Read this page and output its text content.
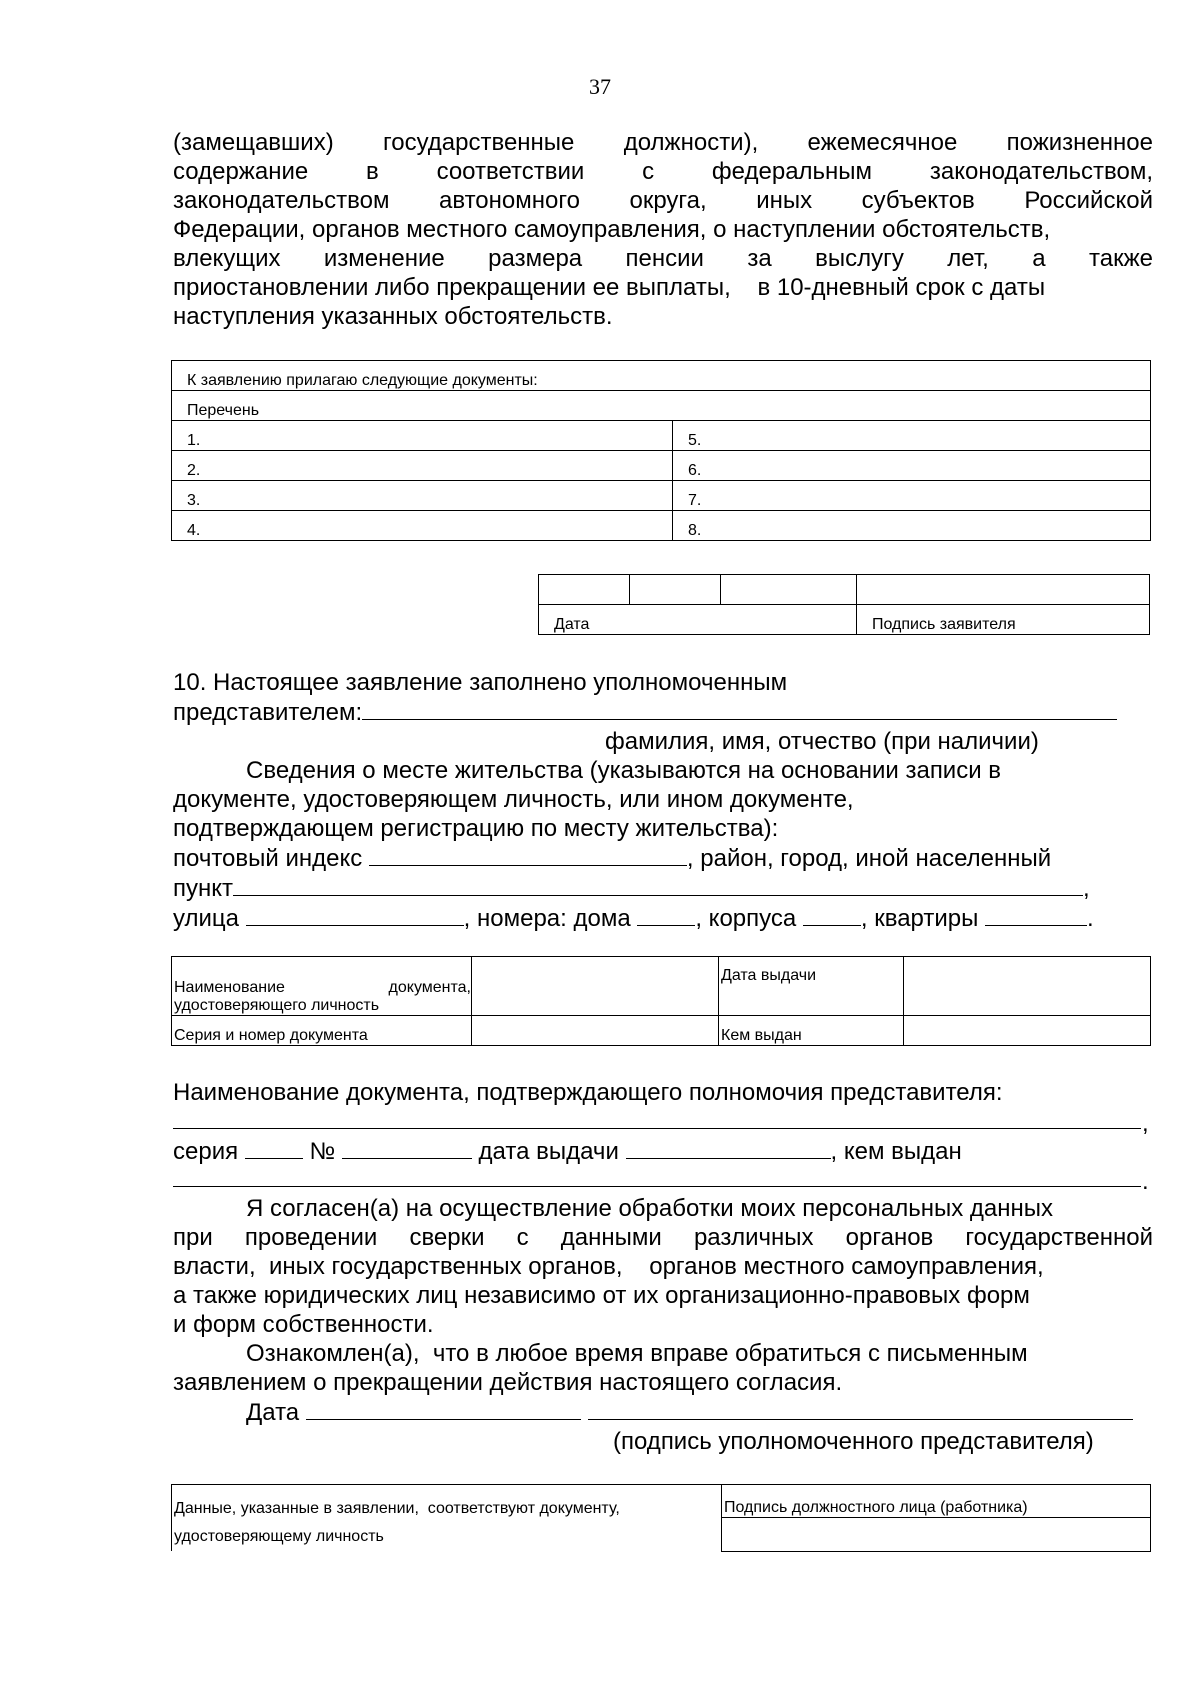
37
(замещавших) государственные должности), ежемесячное пожизненное
содержание в соответствии с федеральным законодательством,
законодательством автономного округа, иных субъектов Российской
Федерации, органов местного самоуправления, о наступлении обстоятельств,
влекущих изменение размера пенсии за выслугу лет, а также
приостановлении либо прекращении ее выплаты,    в 10-дневный срок с даты
наступления указанных обстоятельств.
К заявлению прилагаю следующие документы:	
Перечень	
1.	5.
2.	6.
3.	7.
4.	8.

Дата			Подпись заявителя
10. Настоящее заявление заполнено уполномоченным
представителем:
фамилия, имя, отчество (при наличии)
Сведения о месте жительства (указываются на основании записи в
документе, удостоверяющем личность, или ином документе,
подтверждающем регистрацию по месту жительства):
почтовый индекс	, район, город, иной населенный
пункт	,
улица	, номера: дома	, корпуса	, квартиры	.
Наименование документа,
удостоверяющего личность		Дата выдачи	
Серия и номер документа		Кем выдан	
Наименование документа, подтверждающего полномочия представителя:
,
серия	№	дата выдачи	, кем выдан
.
Я согласен(а) на осуществление обработки моих персональных данных
при проведении сверки с данными различных органов государственной
власти,  иных государственных органов,    органов местного самоуправления,
а также юридических лиц независимо от их организационно-правовых форм
и форм собственности.
Ознакомлен(а),  что в любое время вправе обратиться с письменным
заявлением о прекращении действия настоящего согласия.
Дата
(подпись уполномоченного представителя)
Данные, указанные в заявлении,  соответствуют документу,
удостоверяющему личность
	Подпись должностного лица (работника)
